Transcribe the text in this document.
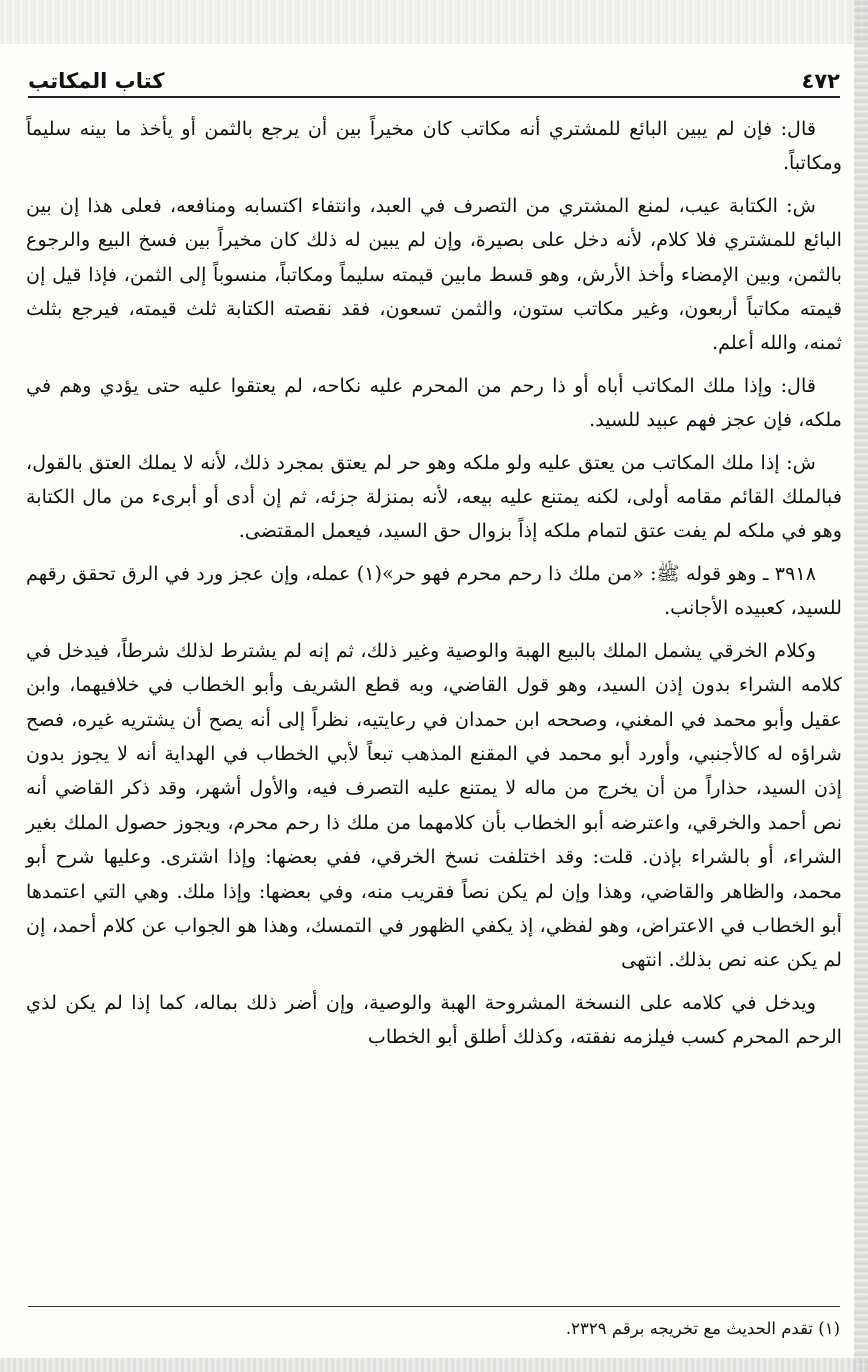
٤٧٢
كتاب المكاتب

قال: فإن لم يبين البائع للمشتري أنه مكاتب كان مخيراً بين أن يرجع بالثمن أو يأخذ ما بينه سليماً ومكاتباً.

ش: الكتابة عيب، لمنع المشتري من التصرف في العبد، وانتفاء اكتسابه ومنافعه، فعلى هذا إن بين البائع للمشتري فلا كلام، لأنه دخل على بصيرة، وإن لم يبين له ذلك كان مخيراً بين فسخ البيع والرجوع بالثمن، وبين الإمضاء وأخذ الأرش، وهو قسط مابين قيمته سليماً ومكاتباً، منسوباً إلى الثمن، فإذا قيل إن قيمته مكاتباً أربعون، وغير مكاتب ستون، والثمن تسعون، فقد نقصته الكتابة ثلث قيمته، فيرجع بثلث ثمنه، والله أعلم.

قال: وإذا ملك المكاتب أباه أو ذا رحم من المحرم عليه نكاحه، لم يعتقوا عليه حتى يؤدي وهم في ملكه، فإن عجز فهم عبيد للسيد.

ش: إذا ملك المكاتب من يعتق عليه ولو ملكه وهو حر لم يعتق بمجرد ذلك، لأنه لا يملك العتق بالقول، فبالملك القائم مقامه أولى، لكنه يمتنع عليه بيعه، لأنه بمنزلة جزئه، ثم إن أدى أو أبرىء من مال الكتابة وهو في ملكه لم يفت عتق لتمام ملكه إذاً بزوال حق السيد، فيعمل المقتضى.

٣٩١٨ ـ وهو قوله ﷺ: «من ملك ذا رحم محرم فهو حر»(١) عمله، وإن عجز ورد في الرق تحقق رقهم للسيد، كعبيده الأجانب.

وكلام الخرقي يشمل الملك بالبيع الهبة والوصية وغير ذلك، ثم إنه لم يشترط لذلك شرطاً، فيدخل في كلامه الشراء بدون إذن السيد، وهو قول القاضي، وبه قطع الشريف وأبو الخطاب في خلافيهما، وابن عقيل وأبو محمد في المغني، وصححه ابن حمدان في رعايتيه، نظراً إلى أنه يصح أن يشتريه غيره، فصح شراؤه له كالأجنبي، وأورد أبو محمد في المقنع المذهب تبعاً لأبي الخطاب في الهداية أنه لا يجوز بدون إذن السيد، حذاراً من أن يخرج من ماله لا يمتنع عليه التصرف فيه، والأول أشهر، وقد ذكر القاضي أنه نص أحمد والخرقي، واعترضه أبو الخطاب بأن كلامهما من ملك ذا رحم محرم، ويجوز حصول الملك بغير الشراء، أو بالشراء بإذن. قلت: وقد اختلفت نسخ الخرقي، ففي بعضها: وإذا اشترى. وعليها شرح أبو محمد، والظاهر والقاضي، وهذا وإن لم يكن نصاً فقريب منه، وفي بعضها: وإذا ملك. وهي التي اعتمدها أبو الخطاب في الاعتراض، وهو لفظي، إذ يكفي الظهور في التمسك، وهذا هو الجواب عن كلام أحمد، إن لم يكن عنه نص بذلك. انتهى

ويدخل في كلامه على النسخة المشروحة الهبة والوصية، وإن أضر ذلك بماله، كما إذا لم يكن لذي الرحم المحرم كسب فيلزمه نفقته، وكذلك أطلق أبو الخطاب

(١) تقدم الحديث مع تخريجه برقم ٢٣٢٩.
